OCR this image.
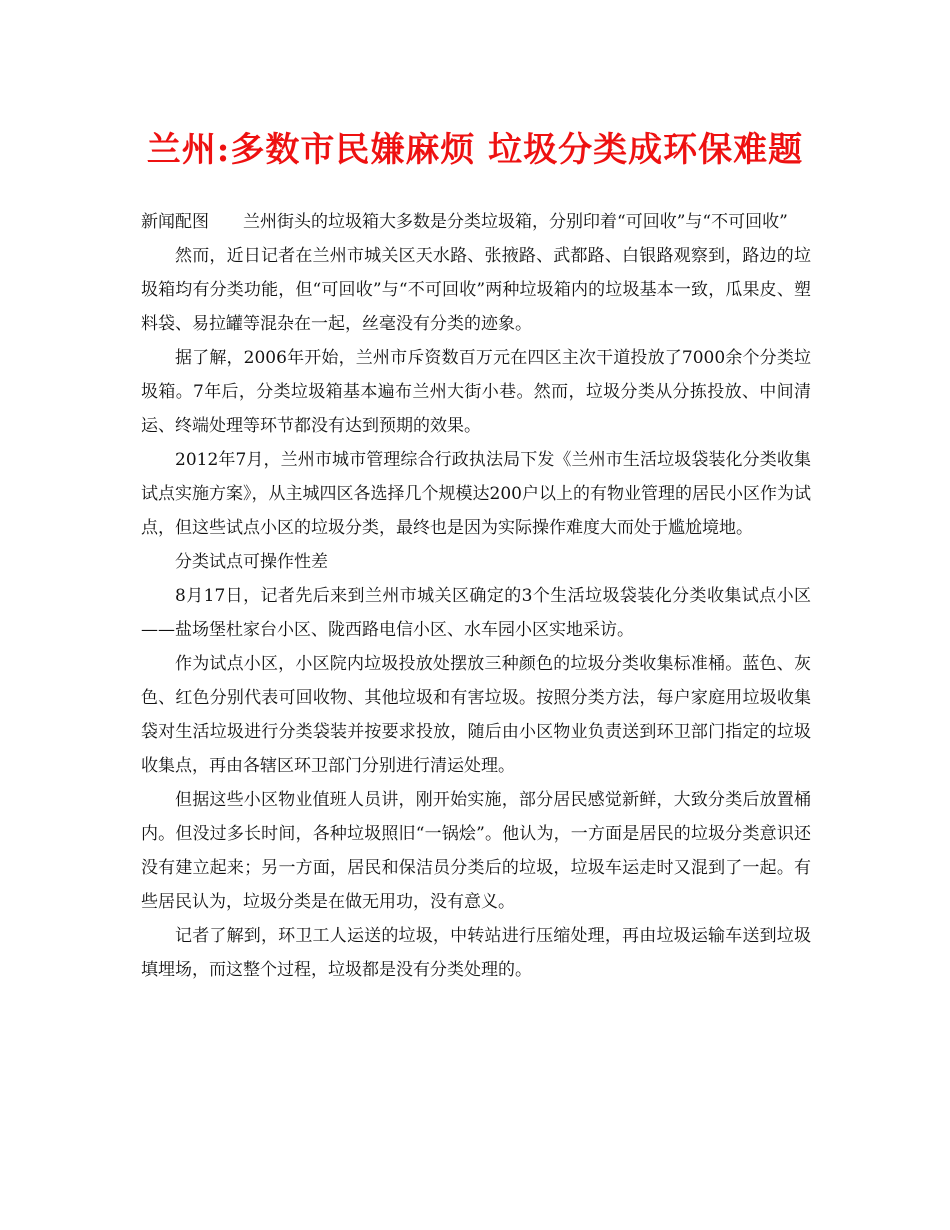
兰州:多数市民嫌麻烦 垃圾分类成环保难题

新闻配图　　兰州街头的垃圾箱大多数是分类垃圾箱，分别印着“可回收”与“不可回收”

然而，近日记者在兰州市城关区天水路、张掖路、武都路、白银路观察到，路边的垃圾箱均有分类功能，但“可回收”与“不可回收”两种垃圾箱内的垃圾基本一致，瓜果皮、塑料袋、易拉罐等混杂在一起，丝毫没有分类的迹象。

据了解，2006年开始，兰州市斥资数百万元在四区主次干道投放了7000余个分类垃圾箱。7年后，分类垃圾箱基本遍布兰州大街小巷。然而，垃圾分类从分拣投放、中间清运、终端处理等环节都没有达到预期的效果。

2012年7月，兰州市城市管理综合行政执法局下发《兰州市生活垃圾袋装化分类收集试点实施方案》，从主城四区各选择几个规模达200户以上的有物业管理的居民小区作为试点，但这些试点小区的垃圾分类，最终也是因为实际操作难度大而处于尴尬境地。

分类试点可操作性差

8月17日，记者先后来到兰州市城关区确定的3个生活垃圾袋装化分类收集试点小区——盐场堡杜家台小区、陇西路电信小区、水车园小区实地采访。

作为试点小区，小区院内垃圾投放处摆放三种颜色的垃圾分类收集标准桶。蓝色、灰色、红色分别代表可回收物、其他垃圾和有害垃圾。按照分类方法，每户家庭用垃圾收集袋对生活垃圾进行分类袋装并按要求投放，随后由小区物业负责送到环卫部门指定的垃圾收集点，再由各辖区环卫部门分别进行清运处理。

但据这些小区物业值班人员讲，刚开始实施，部分居民感觉新鲜，大致分类后放置桶内。但没过多长时间，各种垃圾照旧“一锅烩”。他认为，一方面是居民的垃圾分类意识还没有建立起来；另一方面，居民和保洁员分类后的垃圾，垃圾车运走时又混到了一起。有些居民认为，垃圾分类是在做无用功，没有意义。

记者了解到，环卫工人运送的垃圾，中转站进行压缩处理，再由垃圾运输车送到垃圾填埋场，而这整个过程，垃圾都是没有分类处理的。
